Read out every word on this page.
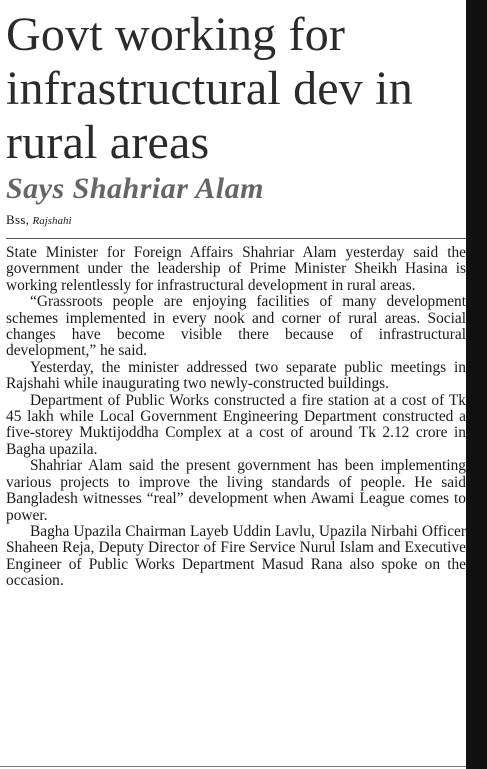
Govt working for infrastructural dev in rural areas
Says Shahriar Alam
Bss, Rajshahi

State Minister for Foreign Affairs Shahriar Alam yesterday said the government under the leadership of Prime Minister Sheikh Hasina is working relentlessly for infrastructural development in rural areas.

“Grassroots people are enjoying facilities of many development schemes implemented in every nook and corner of rural areas. Social changes have become visible there because of infrastructural development,” he said.

Yesterday, the minister addressed two separate public meetings in Rajshahi while inaugurating two newly-constructed buildings.

Department of Public Works constructed a fire station at a cost of Tk 45 lakh while Local Government Engineering Department constructed a five-storey Muktijoddha Complex at a cost of around Tk 2.12 crore in Bagha upazila.

Shahriar Alam said the present government has been implementing various projects to improve the living standards of people. He said Bangladesh witnesses “real” development when Awami League comes to power.

Bagha Upazila Chairman Layeb Uddin Lavlu, Upazila Nirbahi Officer Shaheen Reja, Deputy Director of Fire Service Nurul Islam and Executive Engineer of Public Works Department Masud Rana also spoke on the occasion.
